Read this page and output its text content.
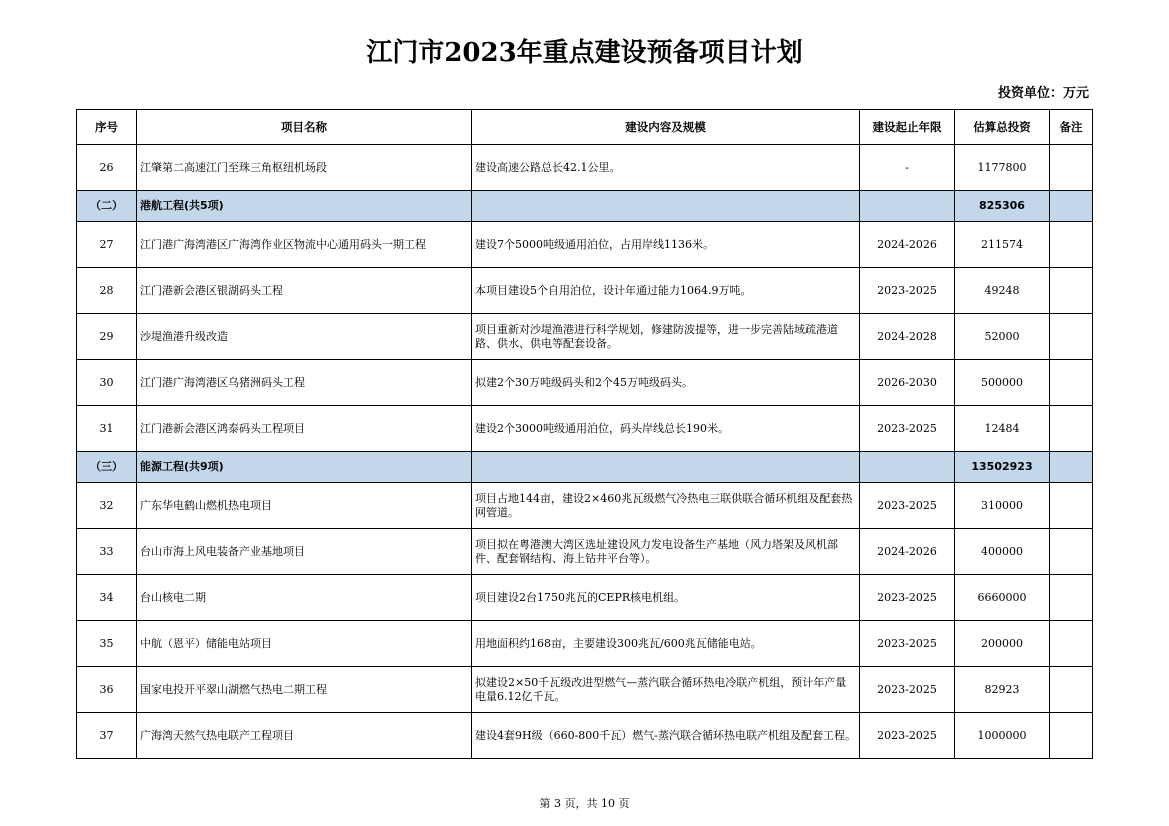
江门市2023年重点建设预备项目计划
投资单位：万元
序号	项目名称	建设内容及规模	建设起止年限	估算总投资	备注
26	江肇第二高速江门至珠三角枢纽机场段	建设高速公路总长42.1公里。	-	1177800	
（二）	港航工程(共5项)			825306	
27	江门港广海湾港区广海湾作业区物流中心通用码头一期工程	建设7个5000吨级通用泊位，占用岸线1136米。	2024-2026	211574	
28	江门港新会港区银湖码头工程	本项目建设5个自用泊位，设计年通过能力1064.9万吨。	2023-2025	49248	
29	沙堤渔港升级改造	项目重新对沙堤渔港进行科学规划，修建防波提等，进一步完善陆域疏港道路、供水、供电等配套设备。	2024-2028	52000	
30	江门港广海湾港区乌猪洲码头工程	拟建2个30万吨级码头和2个45万吨级码头。	2026-2030	500000	
31	江门港新会港区鸿泰码头工程项目	建设2个3000吨级通用泊位，码头岸线总长190米。	2023-2025	12484	
（三）	能源工程(共9项)			13502923	
32	广东华电鹤山燃机热电项目	项目占地144亩，建设2×460兆瓦级燃气冷热电三联供联合循环机组及配套热网管道。	2023-2025	310000	
33	台山市海上风电装备产业基地项目	项目拟在粤港澳大湾区选址建设风力发电设备生产基地（风力塔架及风机部件、配套钢结构、海上钻井平台等）。	2024-2026	400000	
34	台山核电二期	项目建设2台1750兆瓦的CEPR核电机组。	2023-2025	6660000	
35	中航（恩平）储能电站项目	用地面积约168亩，主要建设300兆瓦/600兆瓦储能电站。	2023-2025	200000	
36	国家电投开平翠山湖燃气热电二期工程	拟建设2×50千瓦级改进型燃气—蒸汽联合循环热电冷联产机组，预计年产量电量6.12亿千瓦。	2023-2025	82923	
37	广海湾天然气热电联产工程项目	建设4套9H级（660-800千瓦）燃气-蒸汽联合循环热电联产机组及配套工程。	2023-2025	1000000	
第 3 页，共 10 页
